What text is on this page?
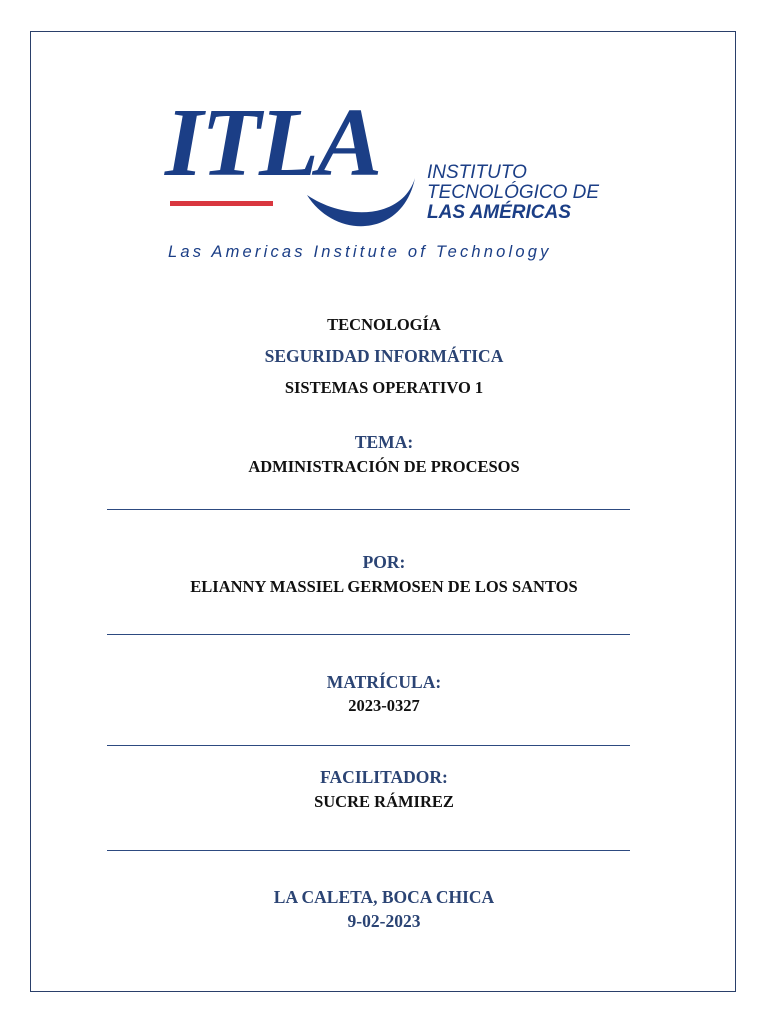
ITLA INSTITUTO
TECNOLÓGICO DE
LAS AMÉRICAS
Las Americas Institute of Technology
TECNOLOGÍA
SEGURIDAD INFORMÁTICA
SISTEMAS OPERATIVO 1
TEMA:
ADMINISTRACIÓN DE PROCESOS
POR:
ELIANNY MASSIEL GERMOSEN DE LOS SANTOS
MATRÍCULA:
2023-0327
FACILITADOR:
SUCRE RÁMIREZ
LA CALETA, BOCA CHICA
9-02-2023
